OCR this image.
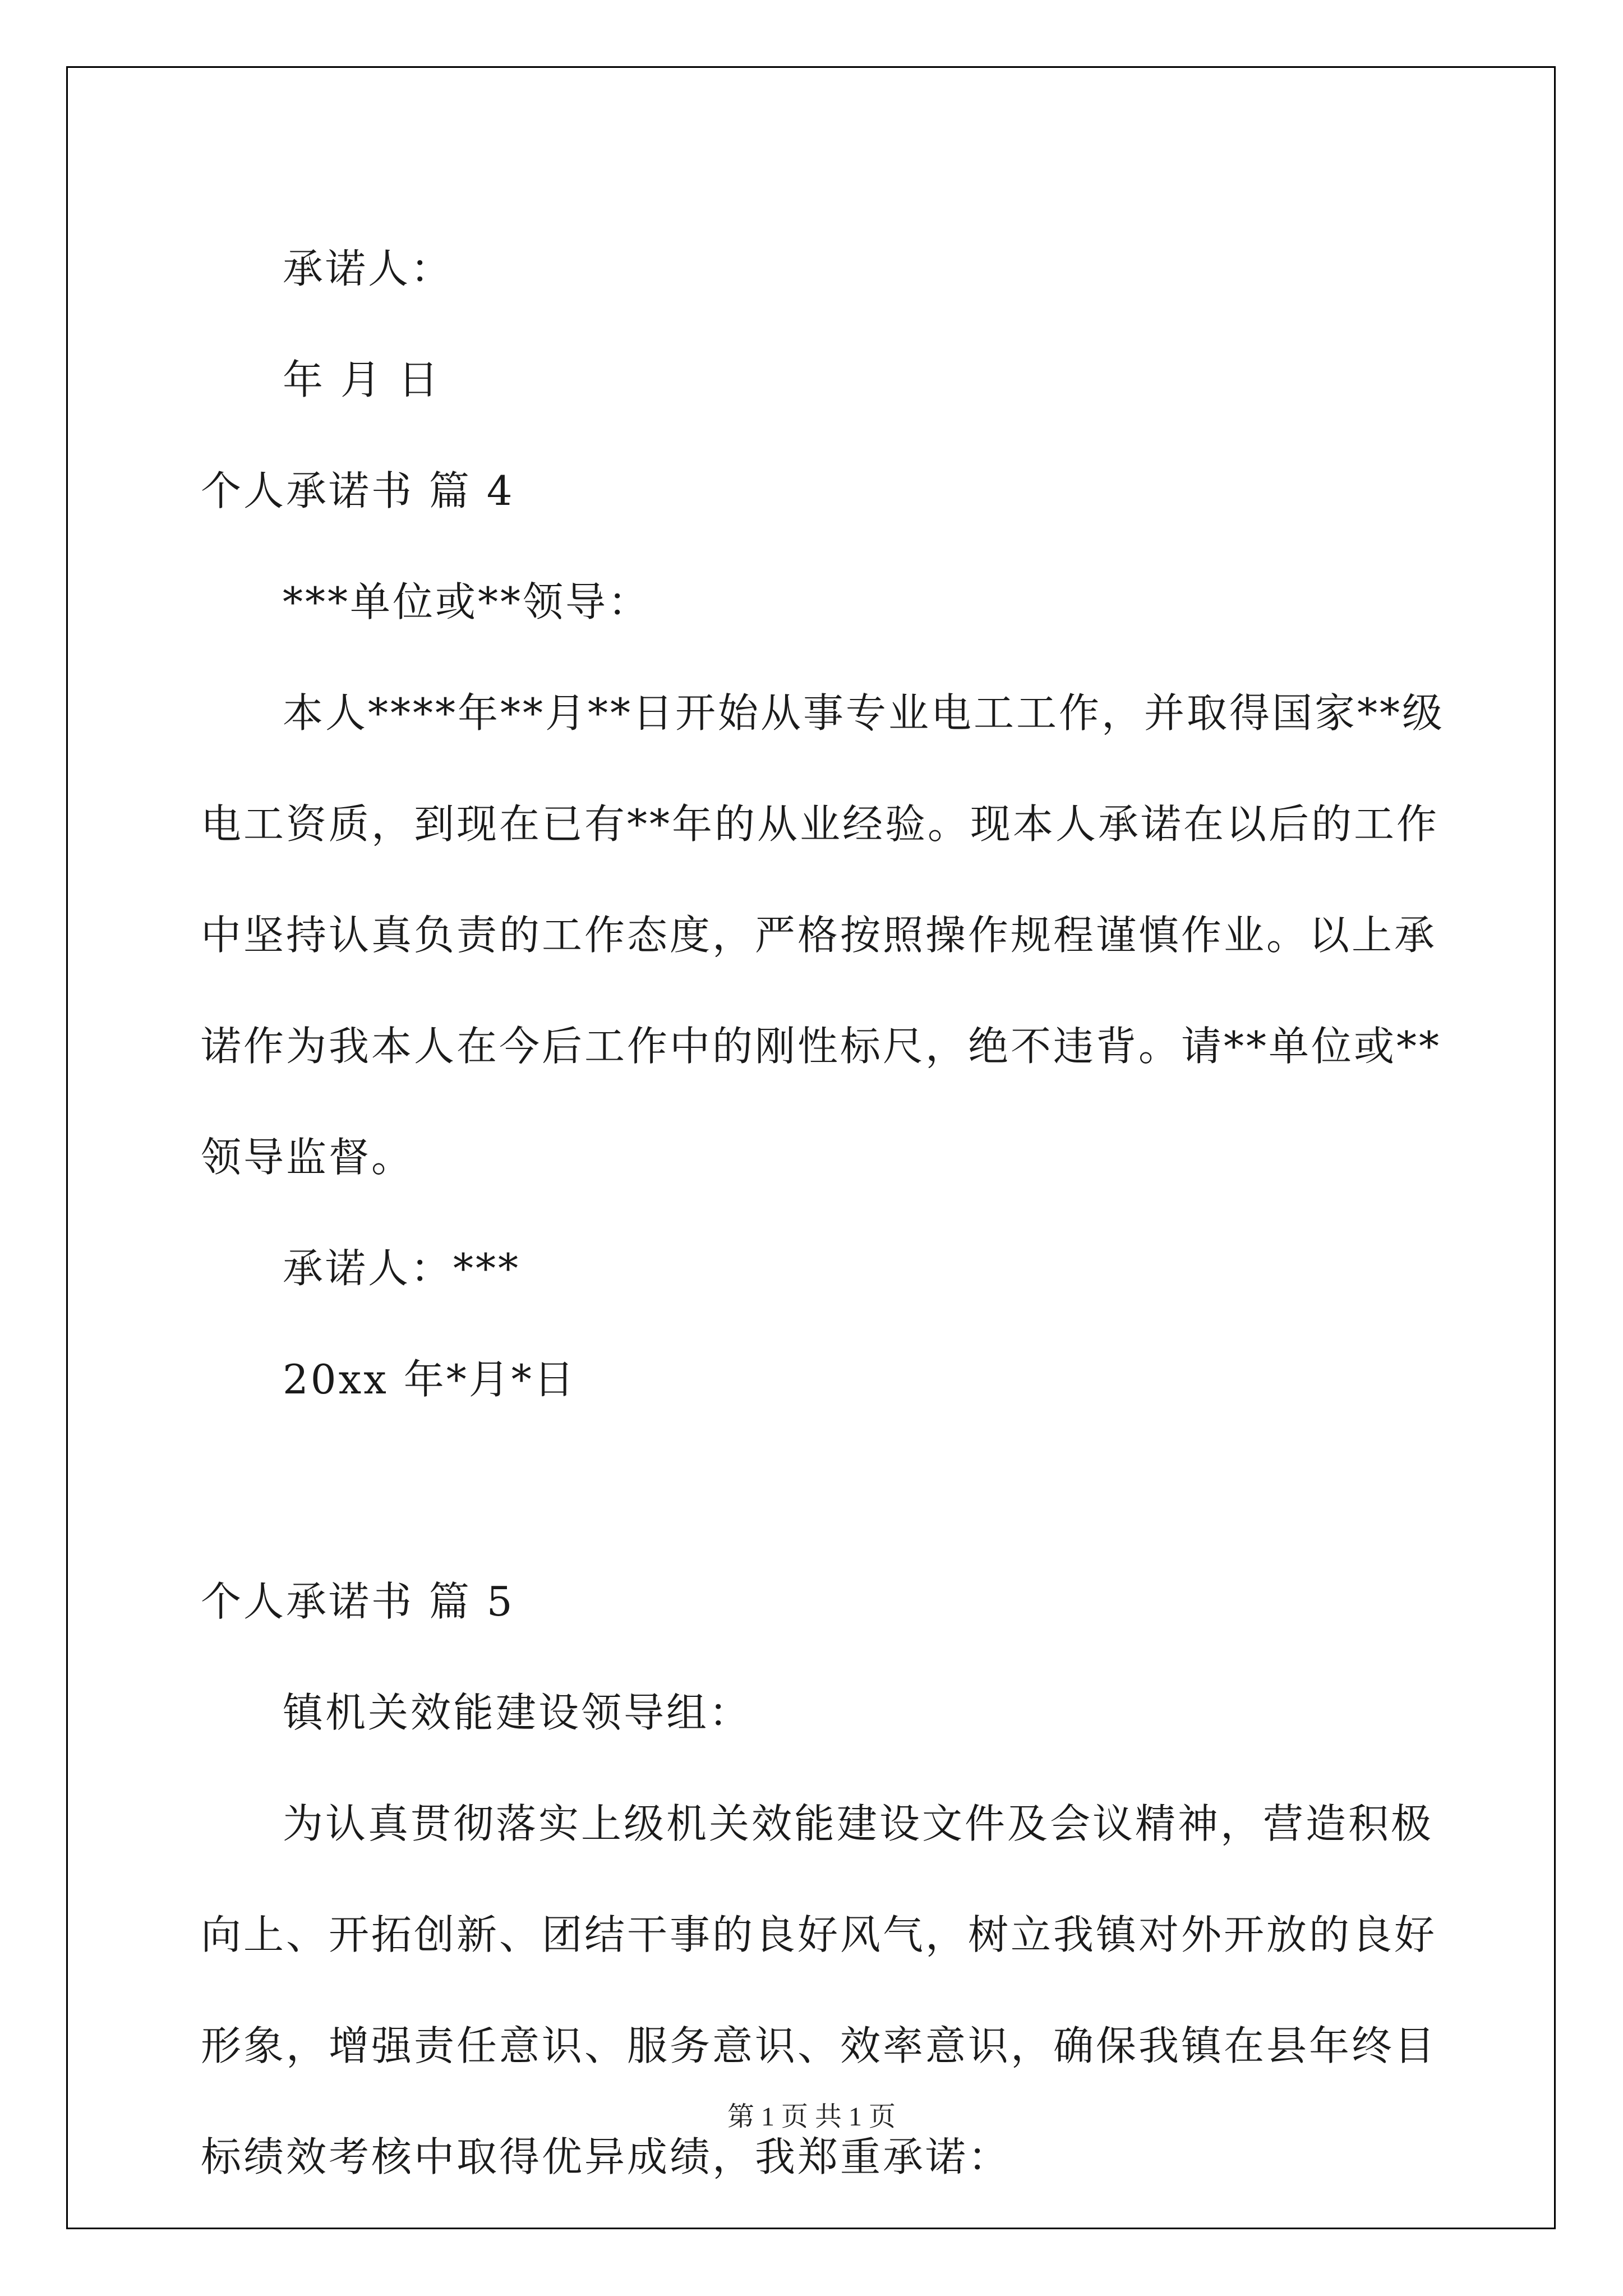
承诺人：
年 月 日
个人承诺书 篇 4
***单位或**领导：
本人****年**月**日开始从事专业电工工作，并取得国家**级电工资质，到现在已有**年的从业经验。现本人承诺在以后的工作中坚持认真负责的工作态度，严格按照操作规程谨慎作业。以上承诺作为我本人在今后工作中的刚性标尺，绝不违背。请**单位或**领导监督。
承诺人：***
20xx 年*月*日
个人承诺书 篇 5
镇机关效能建设领导组：
为认真贯彻落实上级机关效能建设文件及会议精神，营造积极向上、开拓创新、团结干事的良好风气，树立我镇对外开放的良好形象，增强责任意识、服务意识、效率意识，确保我镇在县年终目标绩效考核中取得优异成绩，我郑重承诺：
第 1 页 共 1 页
